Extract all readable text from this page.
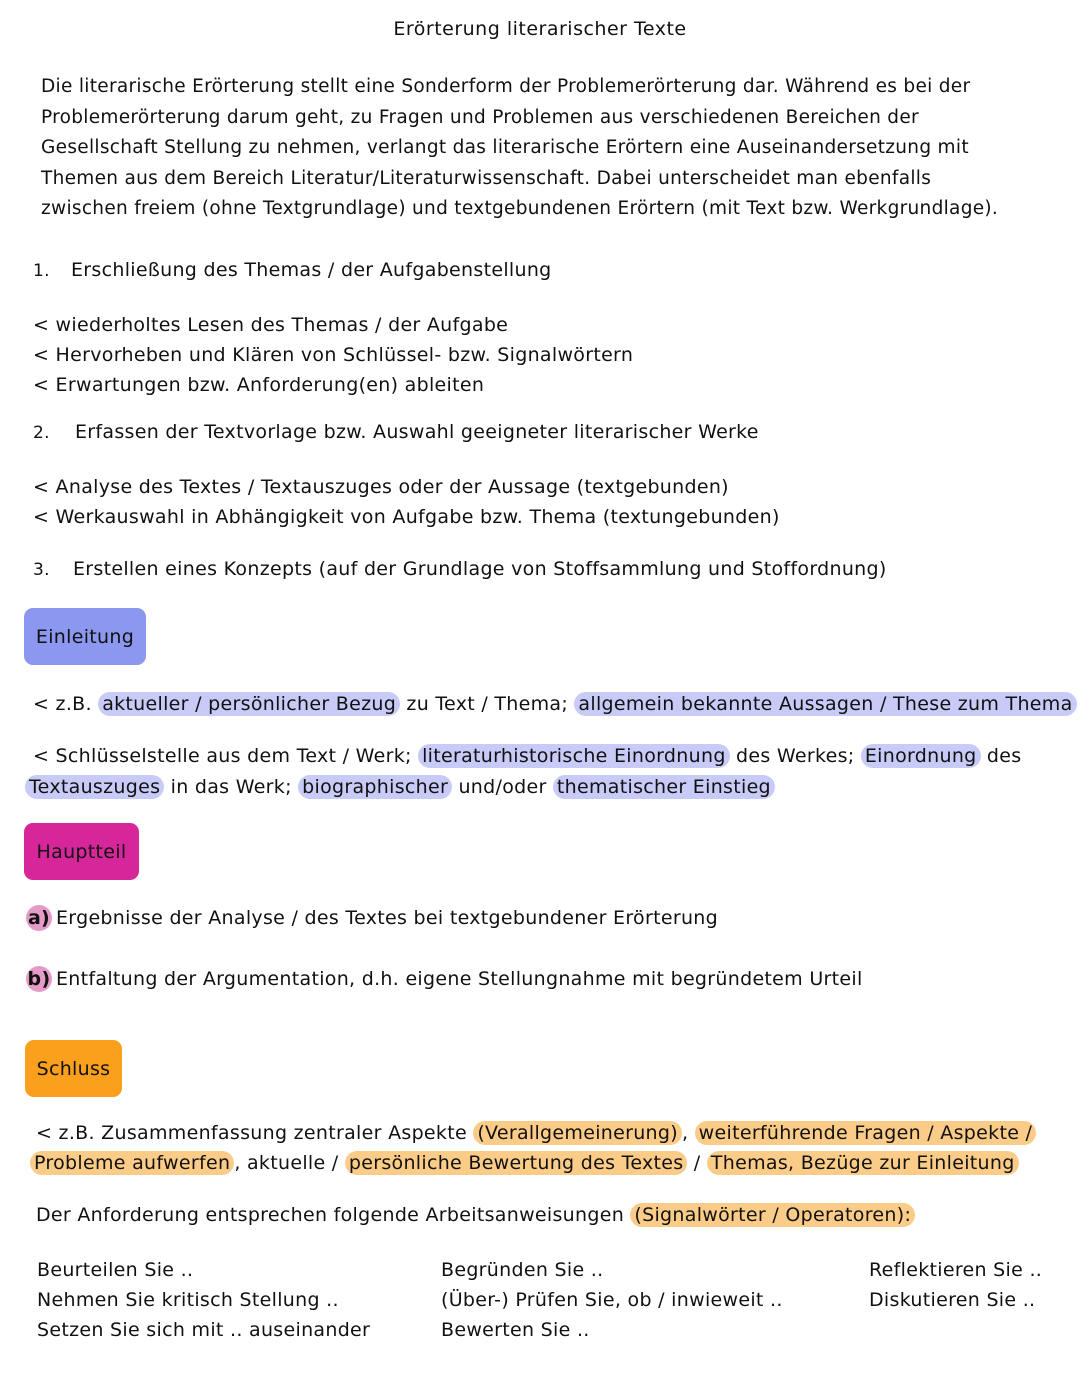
Erörterung literarischer Texte
Die literarische Erörterung stellt eine Sonderform der Problemerörterung dar. Während es bei der
Problemerörterung darum geht, zu Fragen und Problemen aus verschiedenen Bereichen der
Gesellschaft Stellung zu nehmen, verlangt das literarische Erörtern eine Auseinandersetzung mit
Themen aus dem Bereich Literatur/Literaturwissenschaft. Dabei unterscheidet man ebenfalls
zwischen freiem (ohne Textgrundlage) und textgebundenen Erörtern (mit Text bzw. Werkgrundlage).
1. Erschließung des Themas / der Aufgabenstellung
< wiederholtes Lesen des Themas / der Aufgabe
< Hervorheben und Klären von Schlüssel- bzw. Signalwörtern
< Erwartungen bzw. Anforderung(en) ableiten
2. Erfassen der Textvorlage bzw. Auswahl geeigneter literarischer Werke
< Analyse des Textes / Textauszuges oder der Aussage (textgebunden)
< Werkauswahl in Abhängigkeit von Aufgabe bzw. Thema (textungebunden)
3. Erstellen eines Konzepts (auf der Grundlage von Stoffsammlung und Stoffordnung)
Einleitung
< z.B. aktueller / persönlicher Bezug zu Text / Thema; allgemein bekannte Aussagen / These zum Thema
< Schlüsselstelle aus dem Text / Werk; literaturhistorische Einordnung des Werkes; Einordnung des
Textauszuges in das Werk; biographischer und/oder thematischer Einstieg
Hauptteil
a) Ergebnisse der Analyse / des Textes bei textgebundener Erörterung
b) Entfaltung der Argumentation, d.h. eigene Stellungnahme mit begründetem Urteil
Schluss
< z.B. Zusammenfassung zentraler Aspekte (Verallgemeinerung) , weiterführende Fragen / Aspekte /
Probleme aufwerfen , aktuelle / persönliche Bewertung des Textes / Themas, Bezüge zur Einleitung
Der Anforderung entsprechen folgende Arbeitsanweisungen (Signalwörter / Operatoren):
Beurteilen Sie ..
Nehmen Sie kritisch Stellung ..
Setzen Sie sich mit .. auseinander
Begründen Sie ..
(Über-) Prüfen Sie, ob / inwieweit ..
Bewerten Sie ..
Reflektieren Sie ..
Diskutieren Sie ..
